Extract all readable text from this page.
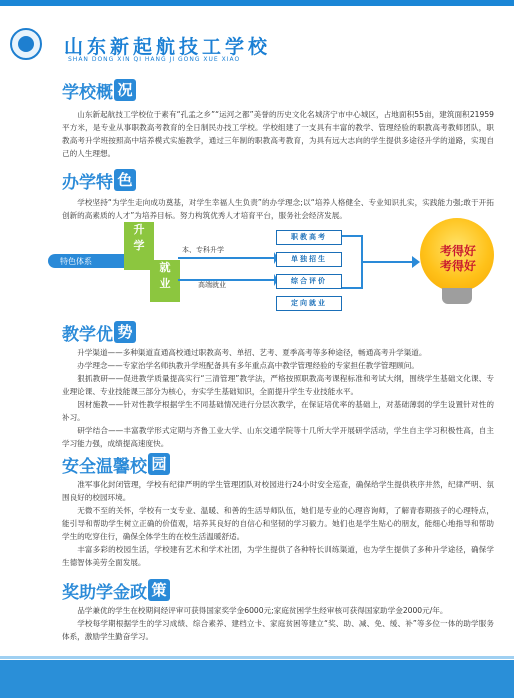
山东新起航技工学校
SHAN DONG XIN QI HANG JI GONG XUE XIAO
学校概 况

山东新起航技工学校位于素有“孔孟之乡”“运河之都”美誉的历史文化名城济宁市中心城区，占地面积55亩，建筑面积21959平方米，是专业从事职教高考教育的全日制民办技工学校。学校组建了一支具有丰富的教学、管理经验的职教高考教师团队，职教高考升学班按照高中培养模式实施教学，通过三年制的职教高考教育，为具有远大志向的学生提供多途径升学的道路，实现自己的人生理想。

办学特 色

学校坚持“为学生走向成功奠基，对学生幸福人生负责”的办学理念;以“培养人格健全、专业知识扎实，实践能力强;敢于开拓创新的高素质的人才”为培养目标。努力构筑优秀人才培育平台，服务社会经济发展。

特色体系
升
学
就
业
本、专科升学
高端就业
职教高考
单独招生
综合评价
定向就业
考得好
考得好
教学优 势

升学渠道——多种渠道直通高校通过职教高考、单招、艺考、夏季高考等多种途径，畅通高考升学渠道。

办学理念——专家治学名师执教升学班配备具有多年重点高中教学管理经验的专家担任教学管理顾问。

狠抓教研——促进教学质量提高实行“三清管理”教学法，严格按照职教高考课程标准和考试大纲，围绕学生基础文化课、专业理论课、专业技能课三部分为核心，夯实学生基础知识，全面提升学生专业技能水平。

因材施教——针对性教学根据学生不同基础情况进行分层次教学，在保证培优率的基础上，对基础薄弱的学生设置针对性的补习。

研学结合——丰富教学形式定期与齐鲁工业大学、山东交通学院等十几所大学开展研学活动，学生自主学习积极性高，自主学习能力强，成绩提高速度快。

安全温馨校 园

准军事化封闭管理，学校有纪律严明的学生管理团队对校园进行24小时安全巡查，确保给学生提供秩序井然，纪律严明、氛围良好的校园环境。

无微不至的关怀，学校有一支专业、温暖、和善的生活导师队伍，她们是专业的心理咨询师，了解青春期孩子的心理特点，能引导和帮助学生树立正确的价值观，培养其良好的自信心和坚韧的学习毅力。她们也是学生贴心的朋友，能细心地指导和帮助学生的吃穿住行，确保全体学生的在校生活温暖舒适。

丰富多彩的校园生活，学校建有艺术和学术社团，为学生提供了各种特长训练渠道，也为学生提供了多种升学途径，确保学生德智体美劳全面发展。

奖助学金政 策

品学兼优的学生在校期间经评审可获得国家奖学金6000元;家庭贫困学生经审核可获得国家助学金2000元/年。

学校每学期根据学生的学习成绩、综合素养、建档立卡、家庭贫困等建立“奖、助、减、免、缓、补”等多位一体的助学服务体系，激励学生勤奋学习。
